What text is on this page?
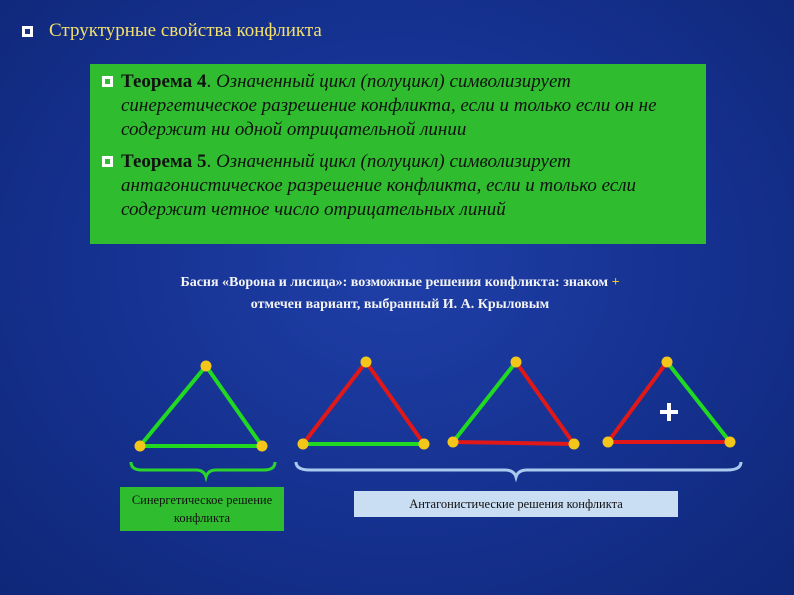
Структурные свойства конфликта
Теорема 4. Означенный цикл (полуцикл) символизирует синергетическое разрешение конфликта, если и только если он не содержит ни одной отрицательной линии
Теорема 5. Означенный цикл (полуцикл) символизирует антагонистическое разрешение конфликта, если и только если содержит четное число отрицательных линий
Басня «Ворона и лисица»: возможные решения конфликта: знаком +
отмечен вариант, выбранный И. А. Крыловым
Синергетическое решение конфликта
Антагонистические решения конфликта
